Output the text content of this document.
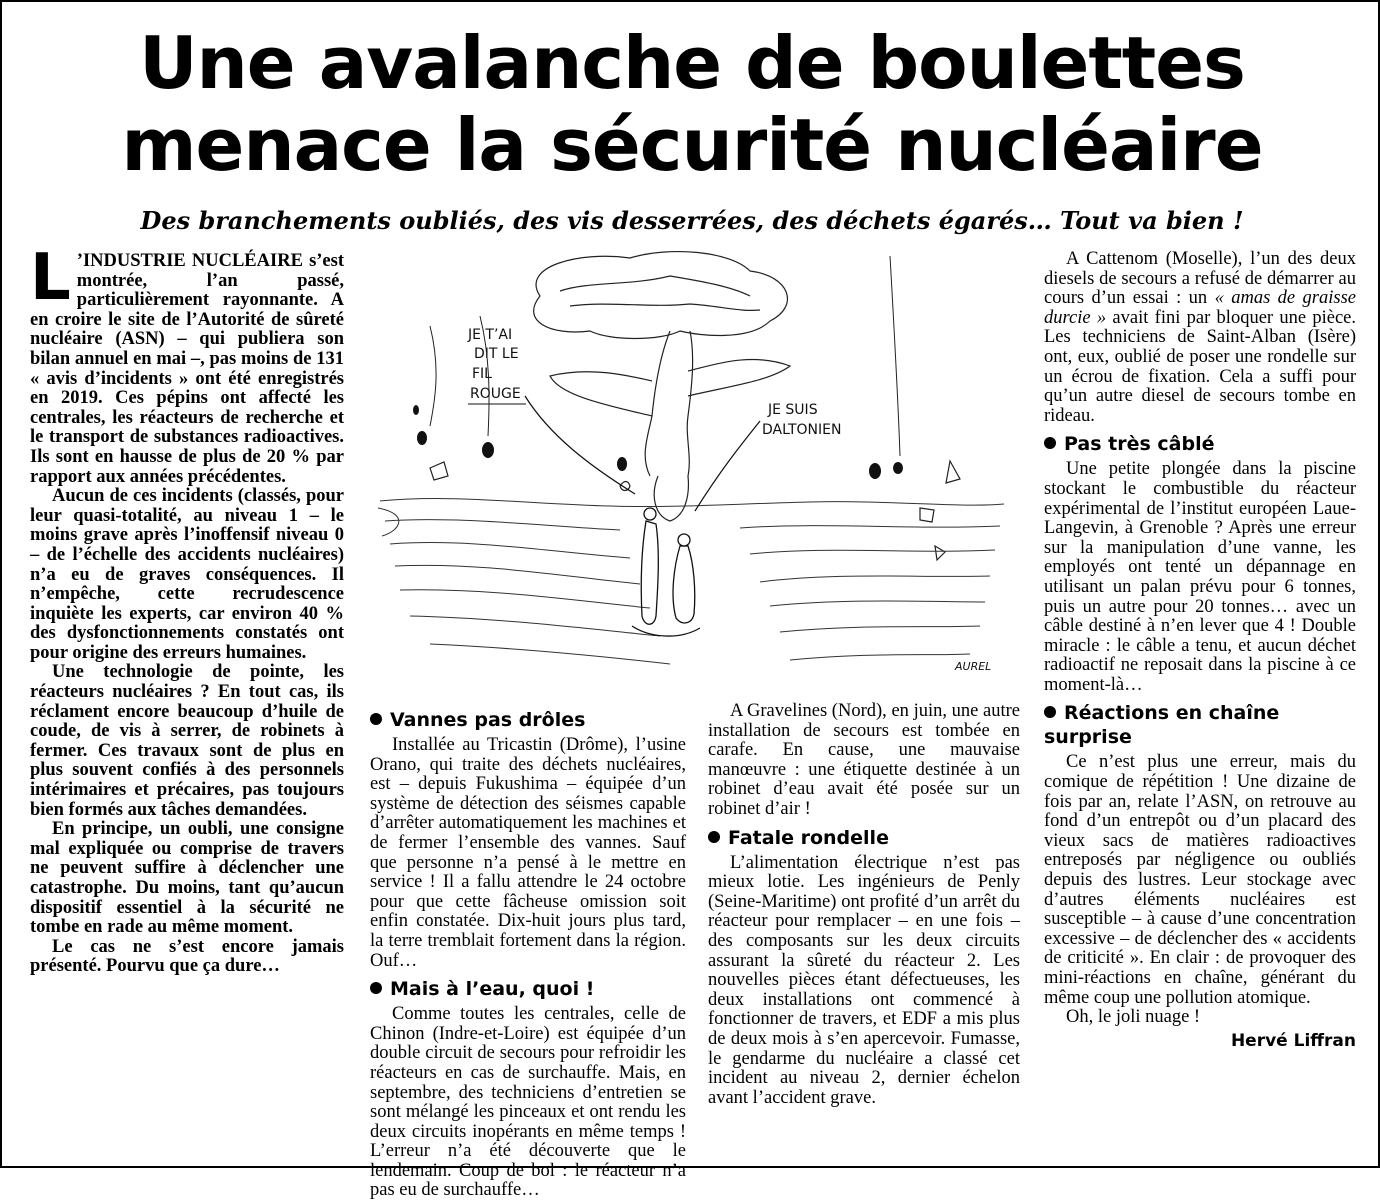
Une avalanche de boulettes
menace la sécurité nucléaire
Des branchements oubliés, des vis desserrées, des déchets égarés… Tout va bien !

L ’INDUSTRIE NUCLÉAIRE s’est montrée, l’an passé, particulièrement rayonnante. A en croire le site de l’Autorité de sûreté nucléaire (ASN) – qui publiera son bilan annuel en mai –, pas moins de 131 « avis d’incidents » ont été enregistrés en 2019. Ces pépins ont affecté les centrales, les réacteurs de recherche et le transport de substances radioactives. Ils sont en hausse de plus de 20 % par rapport aux années précédentes.

Aucun de ces incidents (classés, pour leur quasi-totalité, au niveau 1 – le moins grave après l’inoffensif niveau 0 – de l’échelle des accidents nucléaires) n’a eu de graves conséquences. Il n’empêche, cette recrudescence inquiète les experts, car environ 40 % des dysfonctionnements constatés ont pour origine des erreurs humaines.

Une technologie de pointe, les réacteurs nucléaires ? En tout cas, ils réclament encore beaucoup d’huile de coude, de vis à serrer, de robinets à fermer. Ces travaux sont de plus en plus souvent confiés à des personnels intérimaires et précaires, pas toujours bien formés aux tâches demandées.

En principe, un oubli, une consigne mal expliquée ou comprise de travers ne peuvent suffire à déclencher une catastrophe. Du moins, tant qu’aucun dispositif essentiel à la sécurité ne tombe en rade au même moment.

Le cas ne s’est encore jamais présenté. Pourvu que ça dure…

JE T’AI
DIT LE
FIL
ROUGE
JE SUIS
DALTONIEN
AUREL
Vannes pas drôles

Installée au Tricastin (Drôme), l’usine Orano, qui traite des déchets nucléaires, est – depuis Fukushima – équipée d’un système de détection des séismes capable d’arrêter automatiquement les machines et de fermer l’ensemble des vannes. Sauf que personne n’a pensé à le mettre en service ! Il a fallu attendre le 24 octobre pour que cette fâcheuse omission soit enfin constatée. Dix-huit jours plus tard, la terre tremblait fortement dans la région. Ouf…

Mais à l’eau, quoi !

Comme toutes les centrales, celle de Chinon (Indre-et-Loire) est équipée d’un double circuit de secours pour refroidir les réacteurs en cas de surchauffe. Mais, en septembre, des techniciens d’entretien se sont mélangé les pinceaux et ont rendu les deux circuits inopérants en même temps ! L’erreur n’a été découverte que le lendemain. Coup de bol : le réacteur n’a pas eu de surchauffe…

A Gravelines (Nord), en juin, une autre installation de secours est tombée en carafe. En cause, une mauvaise manœuvre : une étiquette destinée à un robinet d’eau avait été posée sur un robinet d’air !

Fatale rondelle

L’alimentation électrique n’est pas mieux lotie. Les ingénieurs de Penly (Seine-Maritime) ont profité d’un arrêt du réacteur pour remplacer – en une fois – des composants sur les deux circuits assurant la sûreté du réacteur 2. Les nouvelles pièces étant défectueuses, les deux installations ont commencé à fonctionner de travers, et EDF a mis plus de deux mois à s’en apercevoir. Fumasse, le gendarme du nucléaire a classé cet incident au niveau 2, dernier échelon avant l’accident grave.

A Cattenom (Moselle), l’un des deux diesels de secours a refusé de démarrer au cours d’un essai : un « amas de graisse durcie » avait fini par bloquer une pièce. Les techniciens de Saint-Alban (Isère) ont, eux, oublié de poser une rondelle sur un écrou de fixation. Cela a suffi pour qu’un autre diesel de secours tombe en rideau.

Pas très câblé

Une petite plongée dans la piscine stockant le combustible du réacteur expérimental de l’institut européen Laue-Langevin, à Grenoble ? Après une erreur sur la manipulation d’une vanne, les employés ont tenté un dépannage en utilisant un palan prévu pour 6 tonnes, puis un autre pour 20 tonnes… avec un câble destiné à n’en lever que 4 ! Double miracle : le câble a tenu, et aucun déchet radioactif ne reposait dans la piscine à ce moment-là…

Réactions en chaîne surprise

Ce n’est plus une erreur, mais du comique de répétition ! Une dizaine de fois par an, relate l’ASN, on retrouve au fond d’un entrepôt ou d’un placard des vieux sacs de matières radioactives entreposés par négligence ou oubliés depuis des lustres. Leur stockage avec d’autres éléments nucléaires est susceptible – à cause d’une concentration excessive – de déclencher des « accidents de criticité ». En clair : de provoquer des mini-réactions en chaîne, générant du même coup une pollution atomique.

Oh, le joli nuage !

Hervé Liffran
